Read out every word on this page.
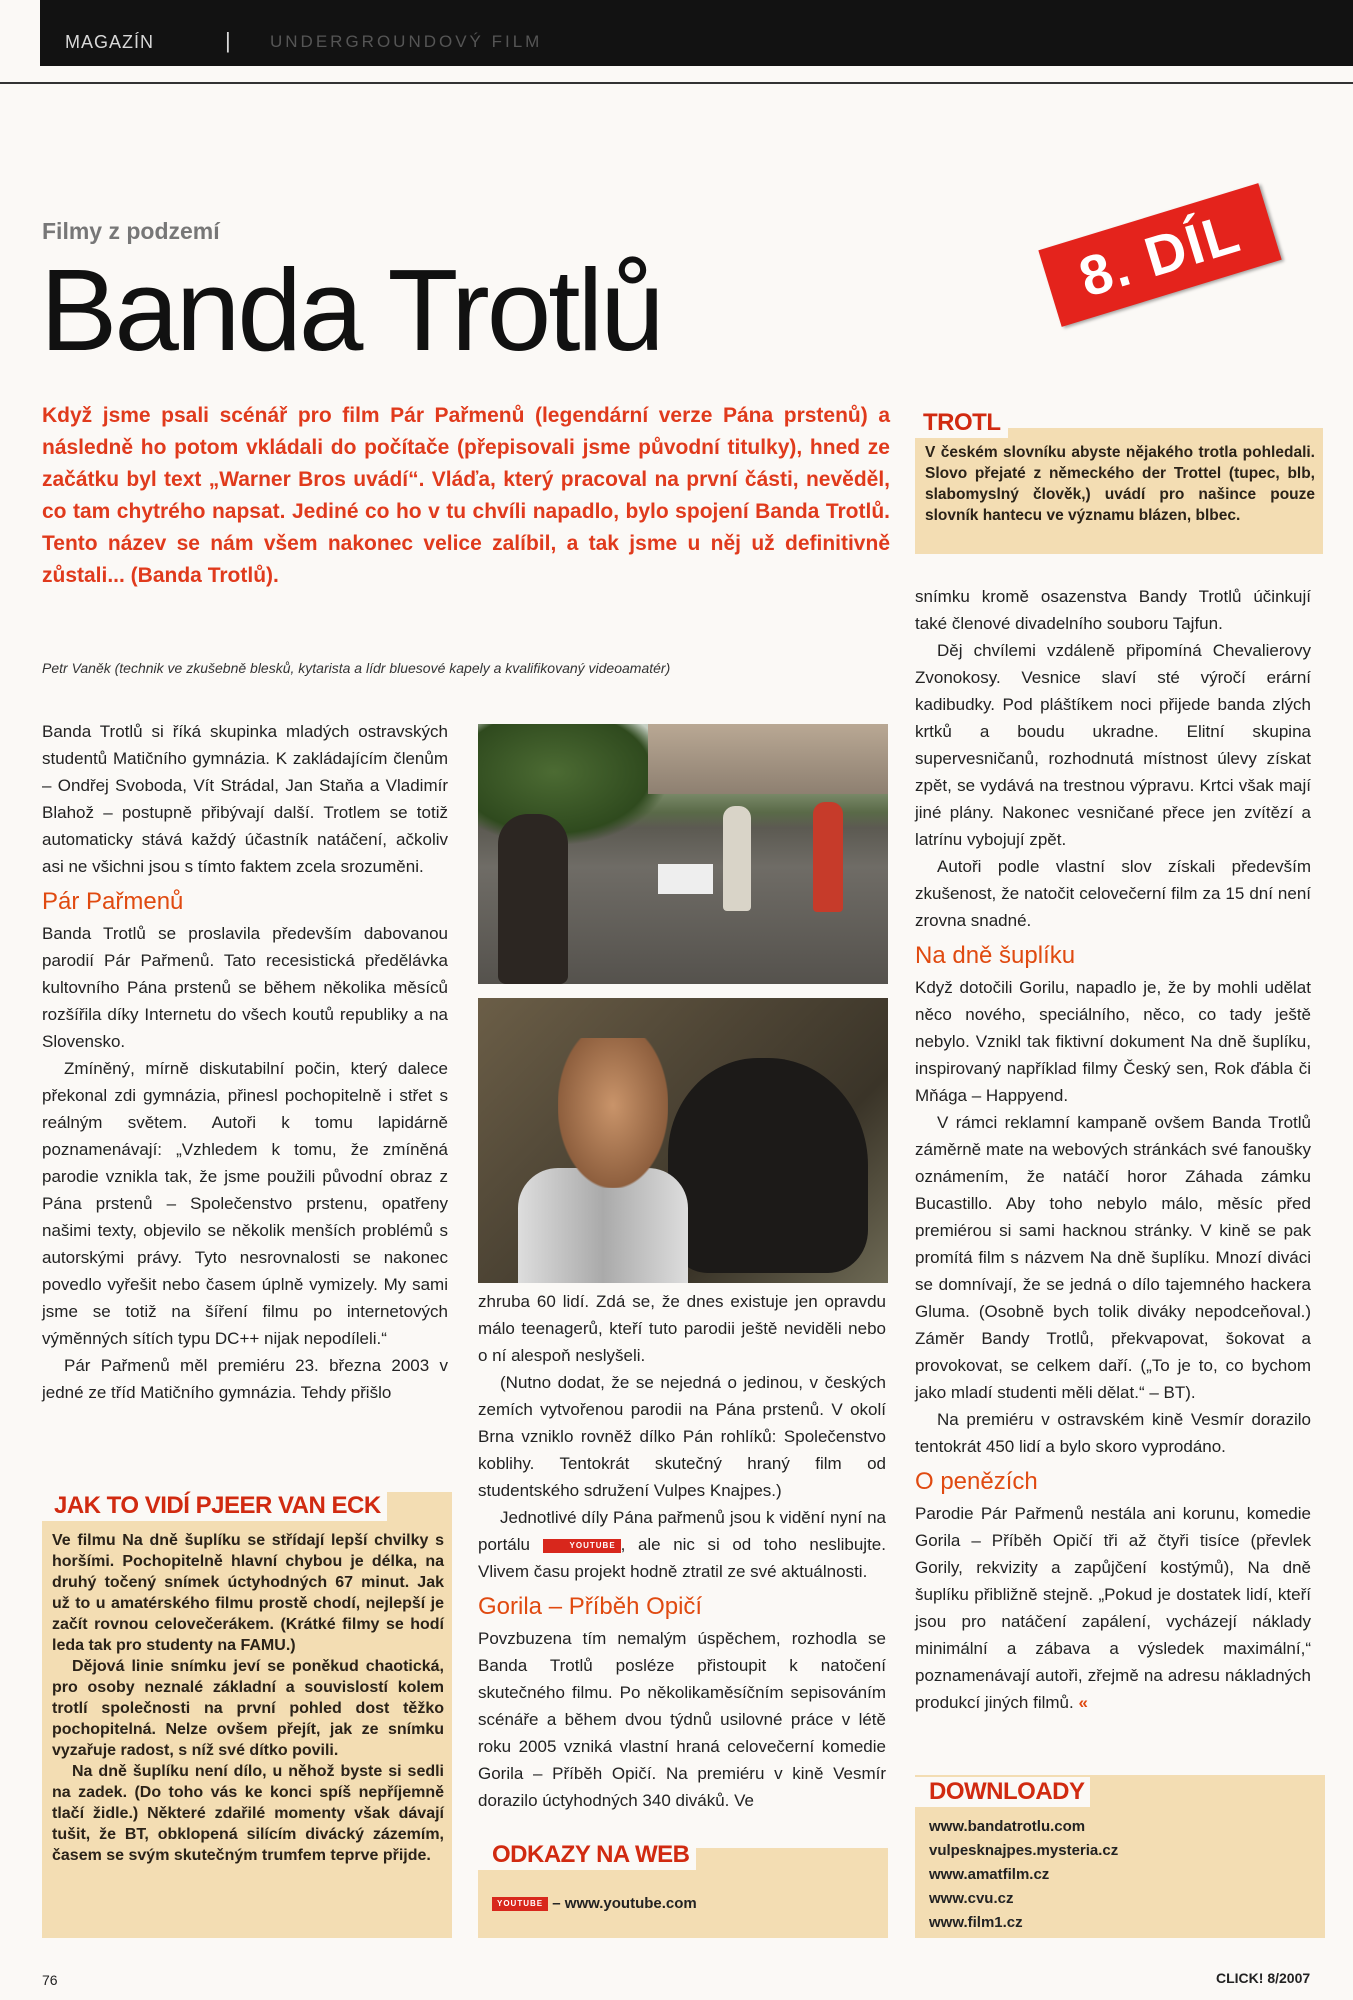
MAGAZÍN	| UNDERGROUNDOVÝ FILM
Filmy z podzemí
Banda Trotlů	8. DÍL
Když jsme psali scénář pro film Pár Pařmenů (legendární verze Pána prstenů) a následně ho potom vkládali do počítače (přepisovali jsme původní titulky), hned ze začátku byl text „Warner Bros uvádí“. Vláďa, který pracoval na první části, nevěděl, co tam chytrého napsat. Jediné co ho v tu chvíli napadlo, bylo spojení Banda Trotlů. Tento název se nám všem nakonec velice zalíbil, a tak jsme u něj už definitivně zůstali... (Banda Trotlů).
Petr Vaněk (technik ve zkušebně blesků, kytarista a lídr bluesové kapely a kvalifikovaný videoamatér)

Banda Trotlů si říká skupinka mladých ostravských studentů Matičního gymnázia. K zakládajícím členům – Ondřej Svoboda, Vít Strádal, Jan Staňa a Vladimír Blahož – postupně přibývají další. Trotlem se totiž automaticky stává každý účastník natáčení, ačkoliv asi ne všichni jsou s tímto faktem zcela srozuměni.

Pár Pařmenů

Banda Trotlů se proslavila především dabovanou parodií Pár Pařmenů. Tato recesistická předělávka kultovního Pána prstenů se během několika měsíců rozšířila díky Internetu do všech koutů republiky a na Slovensko.

Zmíněný, mírně diskutabilní počin, který dalece překonal zdi gymnázia, přinesl pochopitelně i střet s reálným světem. Autoři k tomu lapidárně poznamenávají: „Vzhledem k tomu, že zmíněná parodie vznikla tak, že jsme použili původní obraz z Pána prstenů – Společenstvo prstenu, opatřeny našimi texty, objevilo se několik menších problémů s autorskými právy. Tyto nesrovnalosti se nakonec povedlo vyřešit nebo časem úplně vymizely. My sami jsme se totiž na šíření filmu po internetových výměnných sítích typu DC++ nijak nepodíleli.“

Pár Pařmenů měl premiéru 23. března 2003 v jedné ze tříd Matičního gymnázia. Tehdy přišlo

zhruba 60 lidí. Zdá se, že dnes existuje jen opravdu málo teenagerů, kteří tuto parodii ještě neviděli nebo o ní alespoň neslyšeli.

(Nutno dodat, že se nejedná o jedinou, v českých zemích vytvořenou parodii na Pána prstenů. V okolí Brna vzniklo rovněž dílko Pán rohlíků: Společenstvo koblihy. Tentokrát skutečný hraný film od studentského sdružení Vulpes Knajpes.)

Jednotlivé díly Pána pařmenů jsou k vidění nyní na portálu	YOUTUBE , ale nic si od toho neslibujte. Vlivem času projekt hodně ztratil ze své aktuálnosti.

Gorila – Příběh Opičí

Povzbuzena tím nemalým úspěchem, rozhodla se Banda Trotlů posléze přistoupit k natočení skutečného filmu. Po několikaměsíčním sepisováním scénáře a během dvou týdnů usilovné práce v létě roku 2005 vzniká vlastní hraná celovečerní komedie Gorila – Příběh Opičí. Na premiéru v kině Vesmír dorazilo úctyhodných 340 diváků. Ve

snímku kromě osazenstva Bandy Trotlů účinkují také členové divadelního souboru Tajfun.

Děj chvílemi vzdáleně připomíná Chevalierovy Zvonokosy. Vesnice slaví sté výročí erární kadibudky. Pod pláštíkem noci přijede banda zlých krtků a boudu ukradne. Elitní skupina supervesničanů, rozhodnutá místnost úlevy získat zpět, se vydává na trestnou výpravu. Krtci však mají jiné plány. Nakonec vesničané přece jen zvítězí a latrínu vybojují zpět.

Autoři podle vlastní slov získali především zkušenost, že natočit celovečerní film za 15 dní není zrovna snadné.

Na dně šuplíku

Když dotočili Gorilu, napadlo je, že by mohli udělat něco nového, speciálního, něco, co tady ještě nebylo. Vznikl tak fiktivní dokument Na dně šuplíku, inspirovaný například filmy Český sen, Rok ďábla či Mňága – Happyend.

V rámci reklamní kampaně ovšem Banda Trotlů záměrně mate na webových stránkách své fanoušky oznámením, že natáčí horor Záhada zámku Bucastillo. Aby toho nebylo málo, měsíc před premiérou si sami hacknou stránky. V kině se pak promítá film s názvem Na dně šuplíku. Mnozí diváci se domnívají, že se jedná o dílo tajemného hackera Gluma. (Osobně bych tolik diváky nepodceňoval.) Záměr Bandy Trotlů, překvapovat, šokovat a provokovat, se celkem daří. („To je to, co bychom jako mladí studenti měli dělat.“ – BT).

Na premiéru v ostravském kině Vesmír dorazilo tentokrát 450 lidí a bylo skoro vyprodáno.

O penězích

Parodie Pár Pařmenů nestála ani korunu, komedie Gorila – Příběh Opičí tři až čtyři tisíce (převlek Gorily, rekvizity a zapůjčení kostýmů), Na dně šuplíku přibližně stejně. „Pokud je dostatek lidí, kteří jsou pro natáčení zapálení, vycházejí náklady minimální a zábava a výsledek maximální,“ poznamenávají autoři, zřejmě na adresu nákladných produkcí jiných filmů. «

TROTL
V českém slovníku abyste nějakého trotla pohledali. Slovo přejaté z německého der Trottel (tupec, blb, slabomyslný člověk,) uvádí pro našince pouze slovník hantecu ve významu blázen, blbec.
JAK TO VIDÍ PJEER VAN ECK

Ve filmu Na dně šuplíku se střídají lepší chvilky s horšími. Pochopitelně hlavní chybou je délka, na druhý točený snímek úctyhodných 67 minut. Jak už to u amatérského filmu prostě chodí, nejlepší je začít rovnou celovečerákem. (Krátké filmy se hodí leda tak pro studenty na FAMU.)

Dějová linie snímku jeví se poněkud chaotická, pro osoby neznalé základní a souvislostí kolem trotlí společnosti na první pohled dost těžko pochopitelná. Nelze ovšem přejít, jak ze snímku vyzařuje radost, s níž své dítko povili.

Na dně šuplíku není dílo, u něhož byste si sedli na zadek. (Do toho vás ke konci spíš nepříjemně tlačí židle.) Některé zdařilé momenty však dávají tušit, že BT, obklopená silícím divácký zázemím, časem se svým skutečným trumfem teprve přijde.	ODKAZY NA WEB
YOUTUBE – www.youtube.com
DOWNLOADY
www.bandatrotlu.com
vulpesknajpes.mysteria.cz
www.amatfilm.cz
www.cvu.cz
www.film1.cz
76	CLICK! 8/2007
